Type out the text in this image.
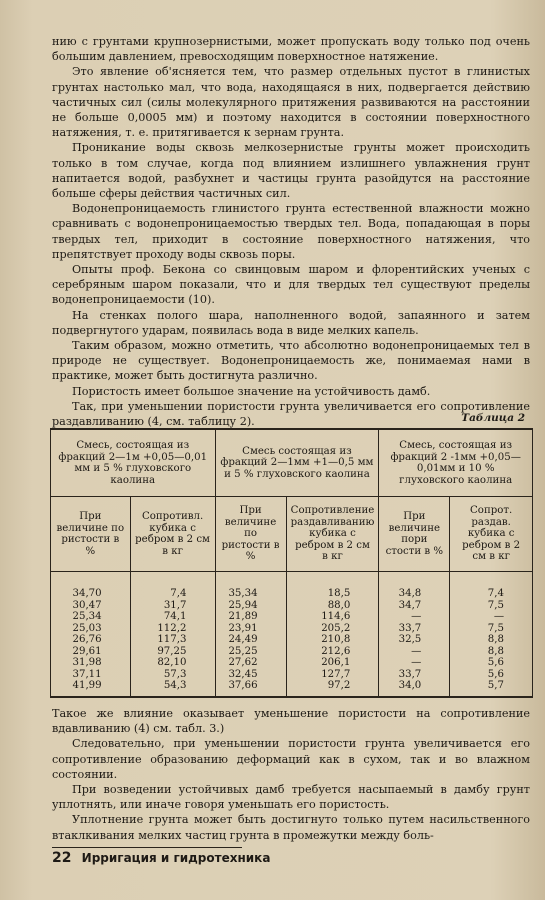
нию с грунтами крупнозернистыми, может пропускать воду только под очень большим давлением, превосходящим поверхностное натяжение.

Это явление об'ясняется тем, что размер отдельных пустот в глинистых грунтах настолько мал, что вода, находящаяся в них, подвергается действию частичных сил (силы молекулярного притяжения развиваются на расстоянии не больше 0,0005 мм) и поэтому находится в состоянии поверхностного натяжения, т. е. притягивается к зернам грунта.

Проникание воды сквозь мелкозернистые грунты может происходить только в том случае, когда под влиянием излишнего увлажнения грунт напитается водой, разбухнет и частицы грунта разойдутся на расстояние больше сферы действия частичных сил.

Водонепроницаемость глинистого грунта естественной влажности можно сравнивать с водонепроницаемостью твердых тел. Вода, попадающая в поры твердых тел, приходит в состояние поверхностного натяжения, что препятствует проходу воды сквозь поры.

Опыты проф. Бекона со свинцовым шаром и флорентийских ученых с серебряным шаром показали, что и для твердых тел существуют пределы водонепроницаемости (10).

На стенках полого шара, наполненного водой, запаянного и затем подвергнутого ударам, появилась вода в виде мелких капель.

Таким образом, можно отметить, что абсолютно водонепроницаемых тел в природе не существует. Водонепроницаемость же, понимаемая нами в практике, может быть достигнута различно.

Пористость имеет большое значение на устойчивость дамб.

Так, при уменьшении пористости грунта увеличивается его сопротивление раздавливанию (4, см. таблицу 2).	Таблица 2
Смесь, состоящая из фракций 2—1м +0,05—0,01 мм и 5 % глуховского каолина		Смесь состоящая из фракций 2—1мм +1—0,5 мм и 5 % глуховского каолина		Смесь, состоящая из фракций 2 -1мм +0,05—0,01мм и 10 % глуховского каолина	
При величине по ристости в %	Сопротивл. кубика с ребром в 2 см в кг	При величине по ристости в %	Сопротивление раздавливанию кубика с ребром в 2 см в кг	При величине пори стости в %	Сопрот. раздав. кубика с ребром в 2 см в кг
34,70	7,4	35,34	18,5	34,8	7,4
30,47	31,7	25,94	88,0	34,7	7,5
25,34	74,1	21,89	114,6	—	—
25,03	112,2	23,91	205,2	33,7	7,5
26,76	117,3	24,49	210,8	32,5	8,8
29,61	97,25	25,25	212,6	—	8,8
31,98	82,10	27,62	206,1	—	5,6
37,11	57,3	32,45	127,7	33,7	5,6
41,99	54,3	37,66	97,2	34,0	5,7

Такое же влияние оказывает уменьшение пористости на сопротивление вдавливанию (4) см. табл. 3.)

Следовательно, при уменьшении пористости грунта увеличивается его сопротивление образованию деформаций как в сухом, так и во влажном состоянии.

При возведении устойчивых дамб требуется насыпаемый в дамбу грунт уплотнять, или иначе говоря уменьшать его пористость.

Уплотнение грунта может быть достигнуто только путем насильственного втаклкивания мелких частиц грунта в промежутки между боль-

22 Ирригация и гидротехника
